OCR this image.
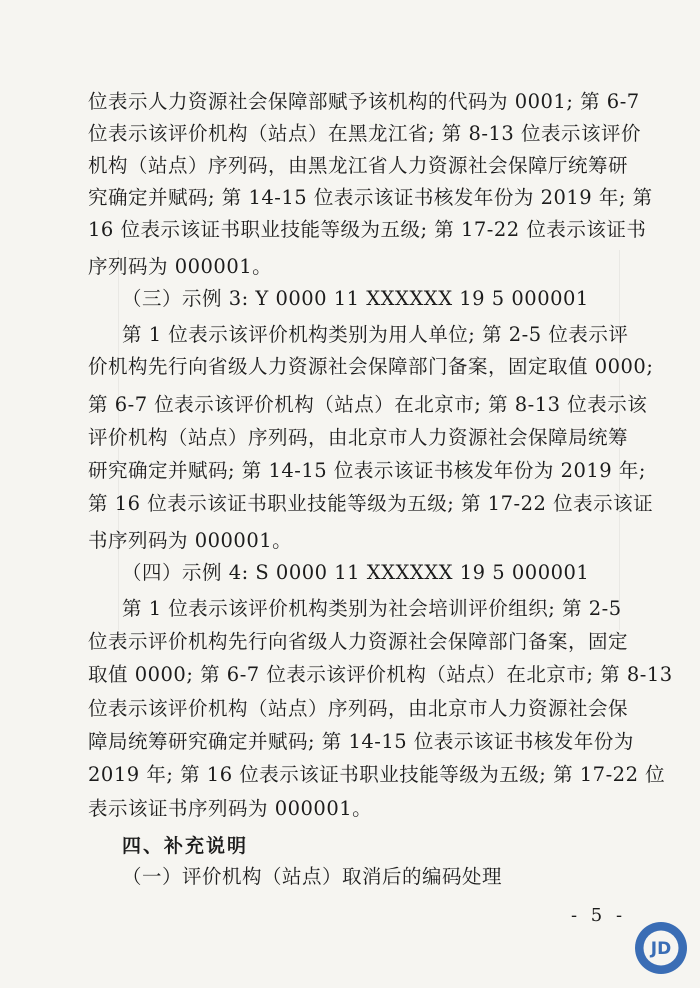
位表示人力资源社会保障部赋予该机构的代码为 0001; 第 6-7
位表示该评价机构（站点）在黑龙江省; 第 8-13 位表示该评价
机构（站点）序列码，由黑龙江省人力资源社会保障厅统筹研
究确定并赋码; 第 14-15 位表示该证书核发年份为 2019 年; 第
16 位表示该证书职业技能等级为五级; 第 17-22 位表示该证书
序列码为 000001。
（三）示例 3: Y 0000 11 XXXXXX 19 5 000001
第 1 位表示该评价机构类别为用人单位; 第 2-5 位表示评
价机构先行向省级人力资源社会保障部门备案，固定取值 0000;
第 6-7 位表示该评价机构（站点）在北京市; 第 8-13 位表示该
评价机构（站点）序列码，由北京市人力资源社会保障局统筹
研究确定并赋码; 第 14-15 位表示该证书核发年份为 2019 年;
第 16 位表示该证书职业技能等级为五级; 第 17-22 位表示该证
书序列码为 000001。
（四）示例 4: S 0000 11 XXXXXX 19 5 000001
第 1 位表示该评价机构类别为社会培训评价组织; 第 2-5
位表示评价机构先行向省级人力资源社会保障部门备案，固定
取值 0000; 第 6-7 位表示该评价机构（站点）在北京市; 第 8-13
位表示该评价机构（站点）序列码，由北京市人力资源社会保
障局统筹研究确定并赋码; 第 14-15 位表示该证书核发年份为
2019 年; 第 16 位表示该证书职业技能等级为五级; 第 17-22 位
表示该证书序列码为 000001。
四、补充说明
（一）评价机构（站点）取消后的编码处理
- 5 -
JD
